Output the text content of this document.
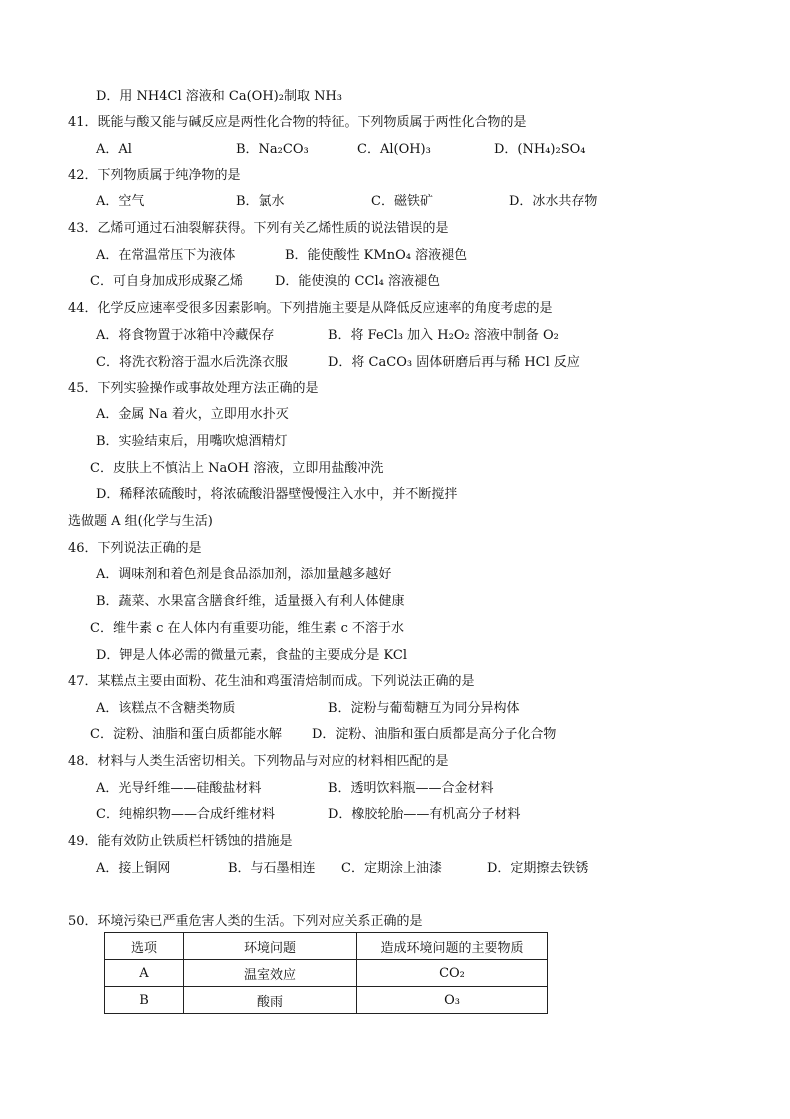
D．用 NH4Cl 溶液和 Ca(OH)₂制取 NH₃
41．既能与酸又能与碱反应是两性化合物的特征。下列物质属于两性化合物的是
A．Al	B．Na₂CO₃	C．Al(OH)₃	D．(NH₄)₂SO₄
42．下列物质属于纯净物的是
A．空气	B．氯水	C．磁铁矿	D．冰水共存物
43．乙烯可通过石油裂解获得。下列有关乙烯性质的说法错误的是
A．在常温常压下为液体	B．能使酸性 KMnO₄ 溶液褪色
C．可自身加成形成聚乙烯 D．能使溴的 CCl₄ 溶液褪色
44．化学反应速率受很多因素影响。下列措施主要是从降低反应速率的角度考虑的是
A．将食物置于冰箱中冷藏保存	B．将 FeCl₃ 加入 H₂O₂ 溶液中制备 O₂
C．将洗衣粉溶于温水后洗涤衣服	D．将 CaCO₃ 固体研磨后再与稀 HCl 反应
45．下列实验操作或事故处理方法正确的是
A．金属 Na 着火，立即用水扑灭
B．实验结束后，用嘴吹熄酒精灯
C．皮肤上不慎沾上 NaOH 溶液，立即用盐酸冲洗
D．稀释浓硫酸时，将浓硫酸沿器壁慢慢注入水中，并不断搅拌
选做题 A 组(化学与生活)
46．下列说法正确的是
A．调味剂和着色剂是食品添加剂，添加量越多越好
B．蔬菜、水果富含膳食纤维，适量摄入有利人体健康
C．维牛素 c 在人体内有重要功能，维生素 c 不溶于水
D．钾是人体必需的微量元素，食盐的主要成分是 KCl
47．某糕点主要由面粉、花生油和鸡蛋清焙制而成。下列说法正确的是
A．该糕点不含糖类物质	B．淀粉与葡萄糖互为同分异构体
C．淀粉、油脂和蛋白质都能水解 D．淀粉、油脂和蛋白质都是高分子化合物
48．材料与人类生活密切相关。下列物品与对应的材料相匹配的是
A．光导纤维——硅酸盐材料	B．透明饮料瓶——合金材料
C．纯棉织物——合成纤维材料	D．橡胶轮胎——有机高分子材料
49．能有效防止铁质栏杆锈蚀的措施是
A．接上铜网	B．与石墨相连 C．定期涂上油漆	D．定期擦去铁锈
50．环境污染已严重危害人类的生活。下列对应关系正确的是
选项	环境问题	造成环境问题的主要物质
A	温室效应	CO₂
B	酸雨	O₃
